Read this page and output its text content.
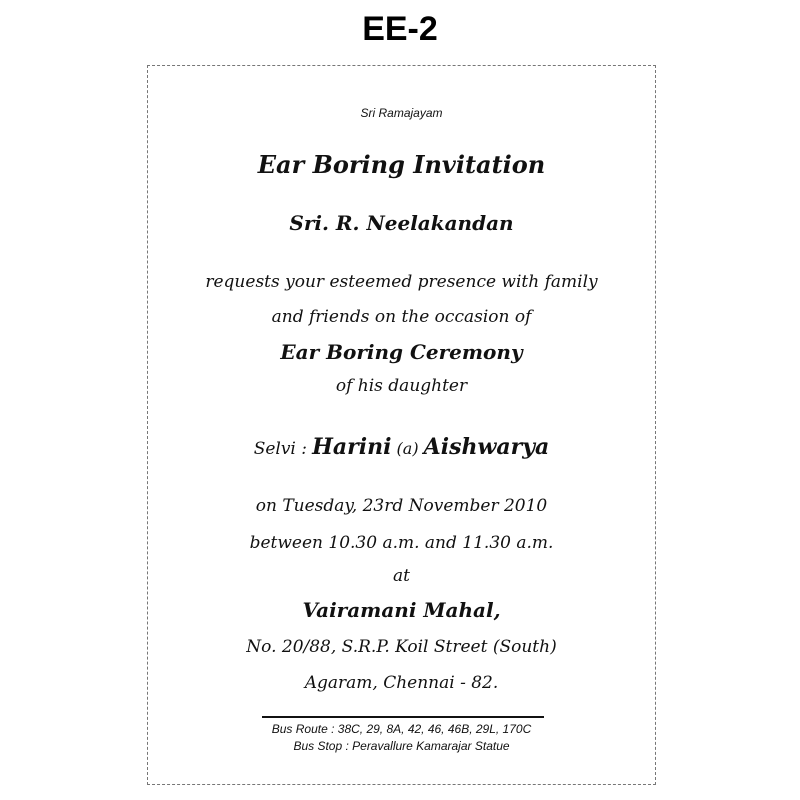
EE-2
Sri Ramajayam
Ear Boring Invitation
Sri. R. Neelakandan
requests your esteemed presence with family
and friends on the occasion of
Ear Boring Ceremony
of his daughter
Selvi : Harini (a) Aishwarya
on Tuesday, 23rd November 2010
between 10.30 a.m. and 11.30 a.m.
at
Vairamani Mahal,
No. 20/88, S.R.P. Koil Street (South)
Agaram, Chennai - 82.
Bus Route : 38C, 29, 8A, 42, 46, 46B, 29L, 170C
Bus Stop : Peravallure Kamarajar Statue
